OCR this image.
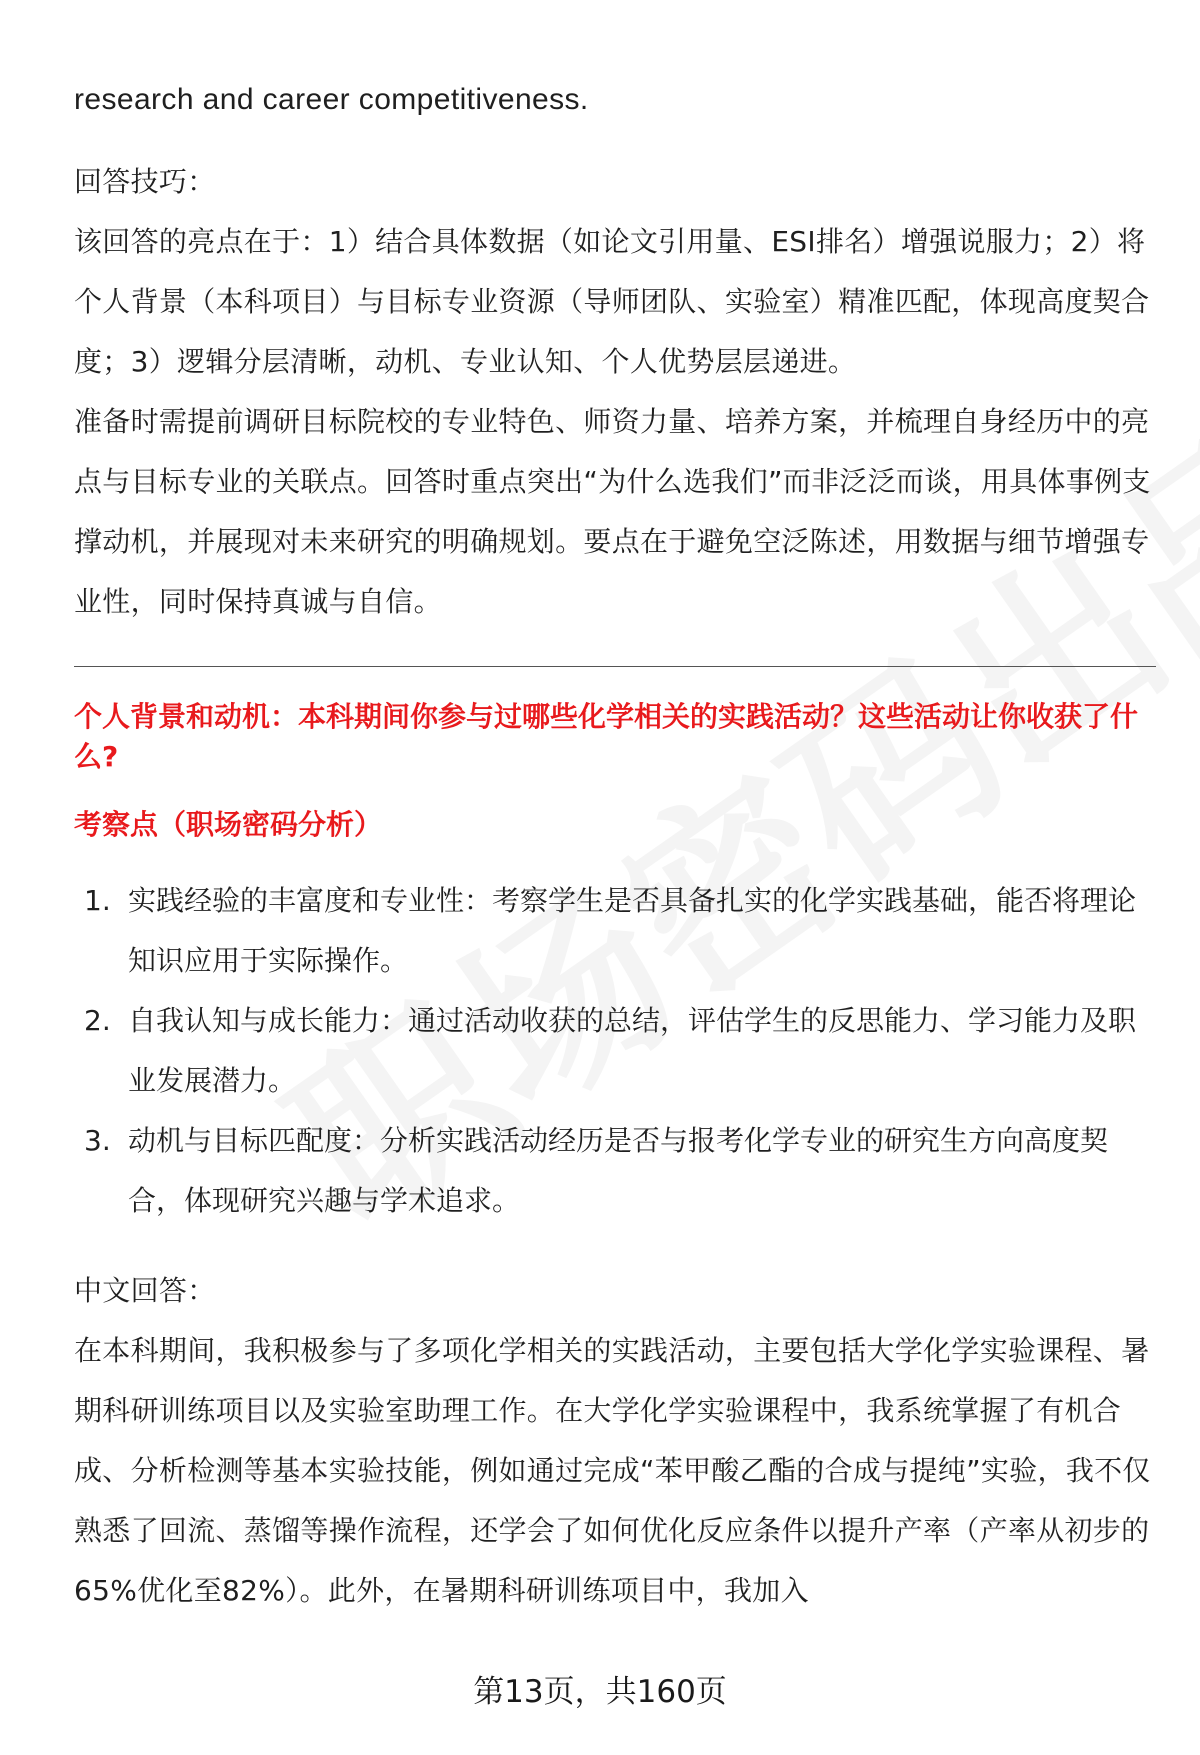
research and career competitiveness.

回答技巧：

该回答的亮点在于：1）结合具体数据（如论文引用量、ESI排名）增强说服力；2）将个人背景（本科项目）与目标专业资源（导师团队、实验室）精准匹配，体现高度契合度；3）逻辑分层清晰，动机、专业认知、个人优势层层递进。

准备时需提前调研目标院校的专业特色、师资力量、培养方案，并梳理自身经历中的亮点与目标专业的关联点。回答时重点突出“为什么选我们”而非泛泛而谈，用具体事例支撑动机，并展现对未来研究的明确规划。要点在于避免空泛陈述，用数据与细节增强专业性，同时保持真诚与自信。

个人背景和动机：本科期间你参与过哪些化学相关的实践活动？这些活动让你收获了什么?

考察点（职场密码分析）

1. 实践经验的丰富度和专业性：考察学生是否具备扎实的化学实践基础，能否将理论知识应用于实际操作。
2. 自我认知与成长能力：通过活动收获的总结，评估学生的反思能力、学习能力及职业发展潜力。
3. 动机与目标匹配度：分析实践活动经历是否与报考化学专业的研究生方向高度契合，体现研究兴趣与学术追求。

中文回答：

在本科期间，我积极参与了多项化学相关的实践活动，主要包括大学化学实验课程、暑期科研训练项目以及实验室助理工作。在大学化学实验课程中，我系统掌握了有机合成、分析检测等基本实验技能，例如通过完成“苯甲酸乙酯的合成与提纯”实验，我不仅熟悉了回流、蒸馏等操作流程，还学会了如何优化反应条件以提升产率（产率从初步的65%优化至82%）。此外，在暑期科研训练项目中，我加入

第13页，共160页
